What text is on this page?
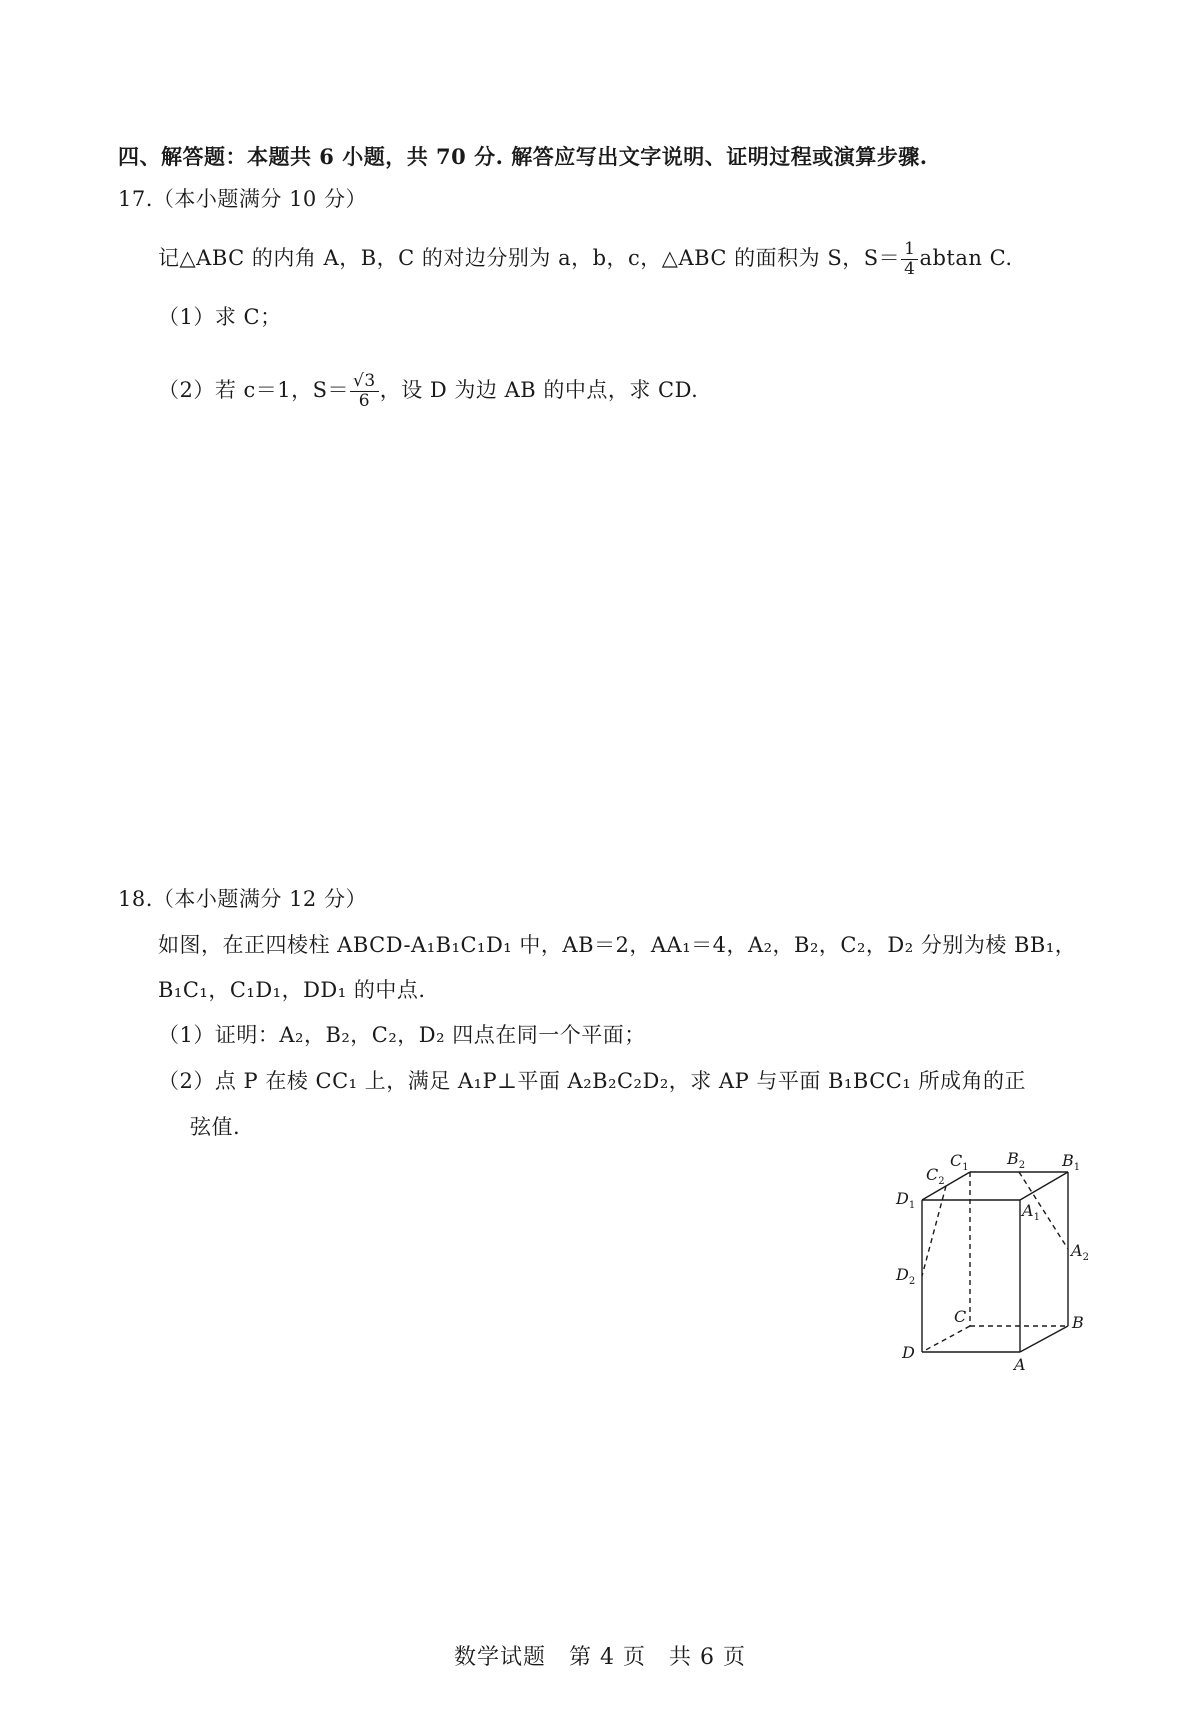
四、解答题：本题共 6 小题，共 70 分. 解答应写出文字说明、证明过程或演算步骤.
17.（本小题满分 10 分）
记△ABC 的内角 A，B，C 的对边分别为 a，b，c，△ABC 的面积为 S，$S= \frac{1}{4}$ abtan C.
（1）求 C；
（2）若 c＝1，$S= \frac{√3}{6}$ ，设 D 为边 AB 的中点，求 CD.
18.（本小题满分 12 分）
如图，在正四棱柱 ABCD-A₁B₁C₁D₁ 中，AB＝2，AA₁＝4，A₂，B₂，C₂，D₂ 分别为棱 BB₁，
B₁C₁，C₁D₁，DD₁ 的中点.
（1）证明：A₂，B₂，C₂，D₂ 四点在同一个平面；
（2）点 P 在棱 CC₁ 上，满足 A₁P⊥平面 A₂B₂C₂D₂，求 AP 与平面 B₁BCC₁ 所成角的正
弦值.
$C_1$
$C_2$
$B_2$ $B_1$
$D_1$	$A_1$
$D_2$
$A_2$
C	B
D
A
数学试题　第 4 页　共 6 页
